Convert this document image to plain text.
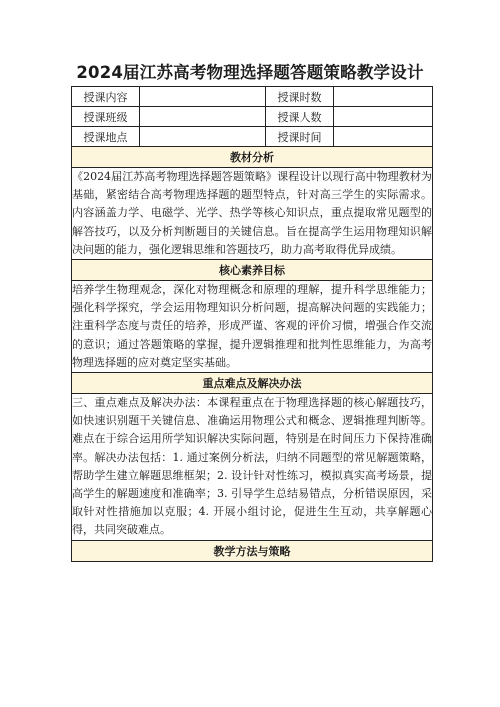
2024届江苏高考物理选择题答题策略教学设计
授课内容		授课时数	
授课班级		授课人数	
授课地点		授课时间	
教材分析			

《2024届江苏高考物理选择题答题策略》课程设计以现行高中物理教材为基础，紧密结合高考物理选择题的题型特点，针对高三学生的实际需求。内容涵盖力学、电磁学、光学、热学等核心知识点，重点提取常见题型的解答技巧，以及分析判断题目的关键信息。旨在提高学生运用物理知识解决问题的能力，强化逻辑思维和答题技巧，助力高考取得优异成绩。			

核心素养目标			

培养学生物理观念，深化对物理概念和原理的理解，提升科学思维能力；强化科学探究，学会运用物理知识分析问题，提高解决问题的实践能力；注重科学态度与责任的培养，形成严谨、客观的评价习惯，增强合作交流的意识；通过答题策略的掌握，提升逻辑推理和批判性思维能力，为高考物理选择题的应对奠定坚实基础。			

重点难点及解决办法			

三、重点难点及解决办法：本课程重点在于物理选择题的核心解题技巧，如快速识别题干关键信息、准确运用物理公式和概念、逻辑推理判断等。难点在于综合运用所学知识解决实际问题，特别是在时间压力下保持准确率。解决办法包括：1. 通过案例分析法，归纳不同题型的常见解题策略，帮助学生建立解题思维框架；2. 设计针对性练习，模拟真实高考场景，提高学生的解题速度和准确率；3. 引导学生总结易错点，分析错误原因，采取针对性措施加以克服；4. 开展小组讨论，促进生生互动，共享解题心得，共同突破难点。			

教学方法与策略			
